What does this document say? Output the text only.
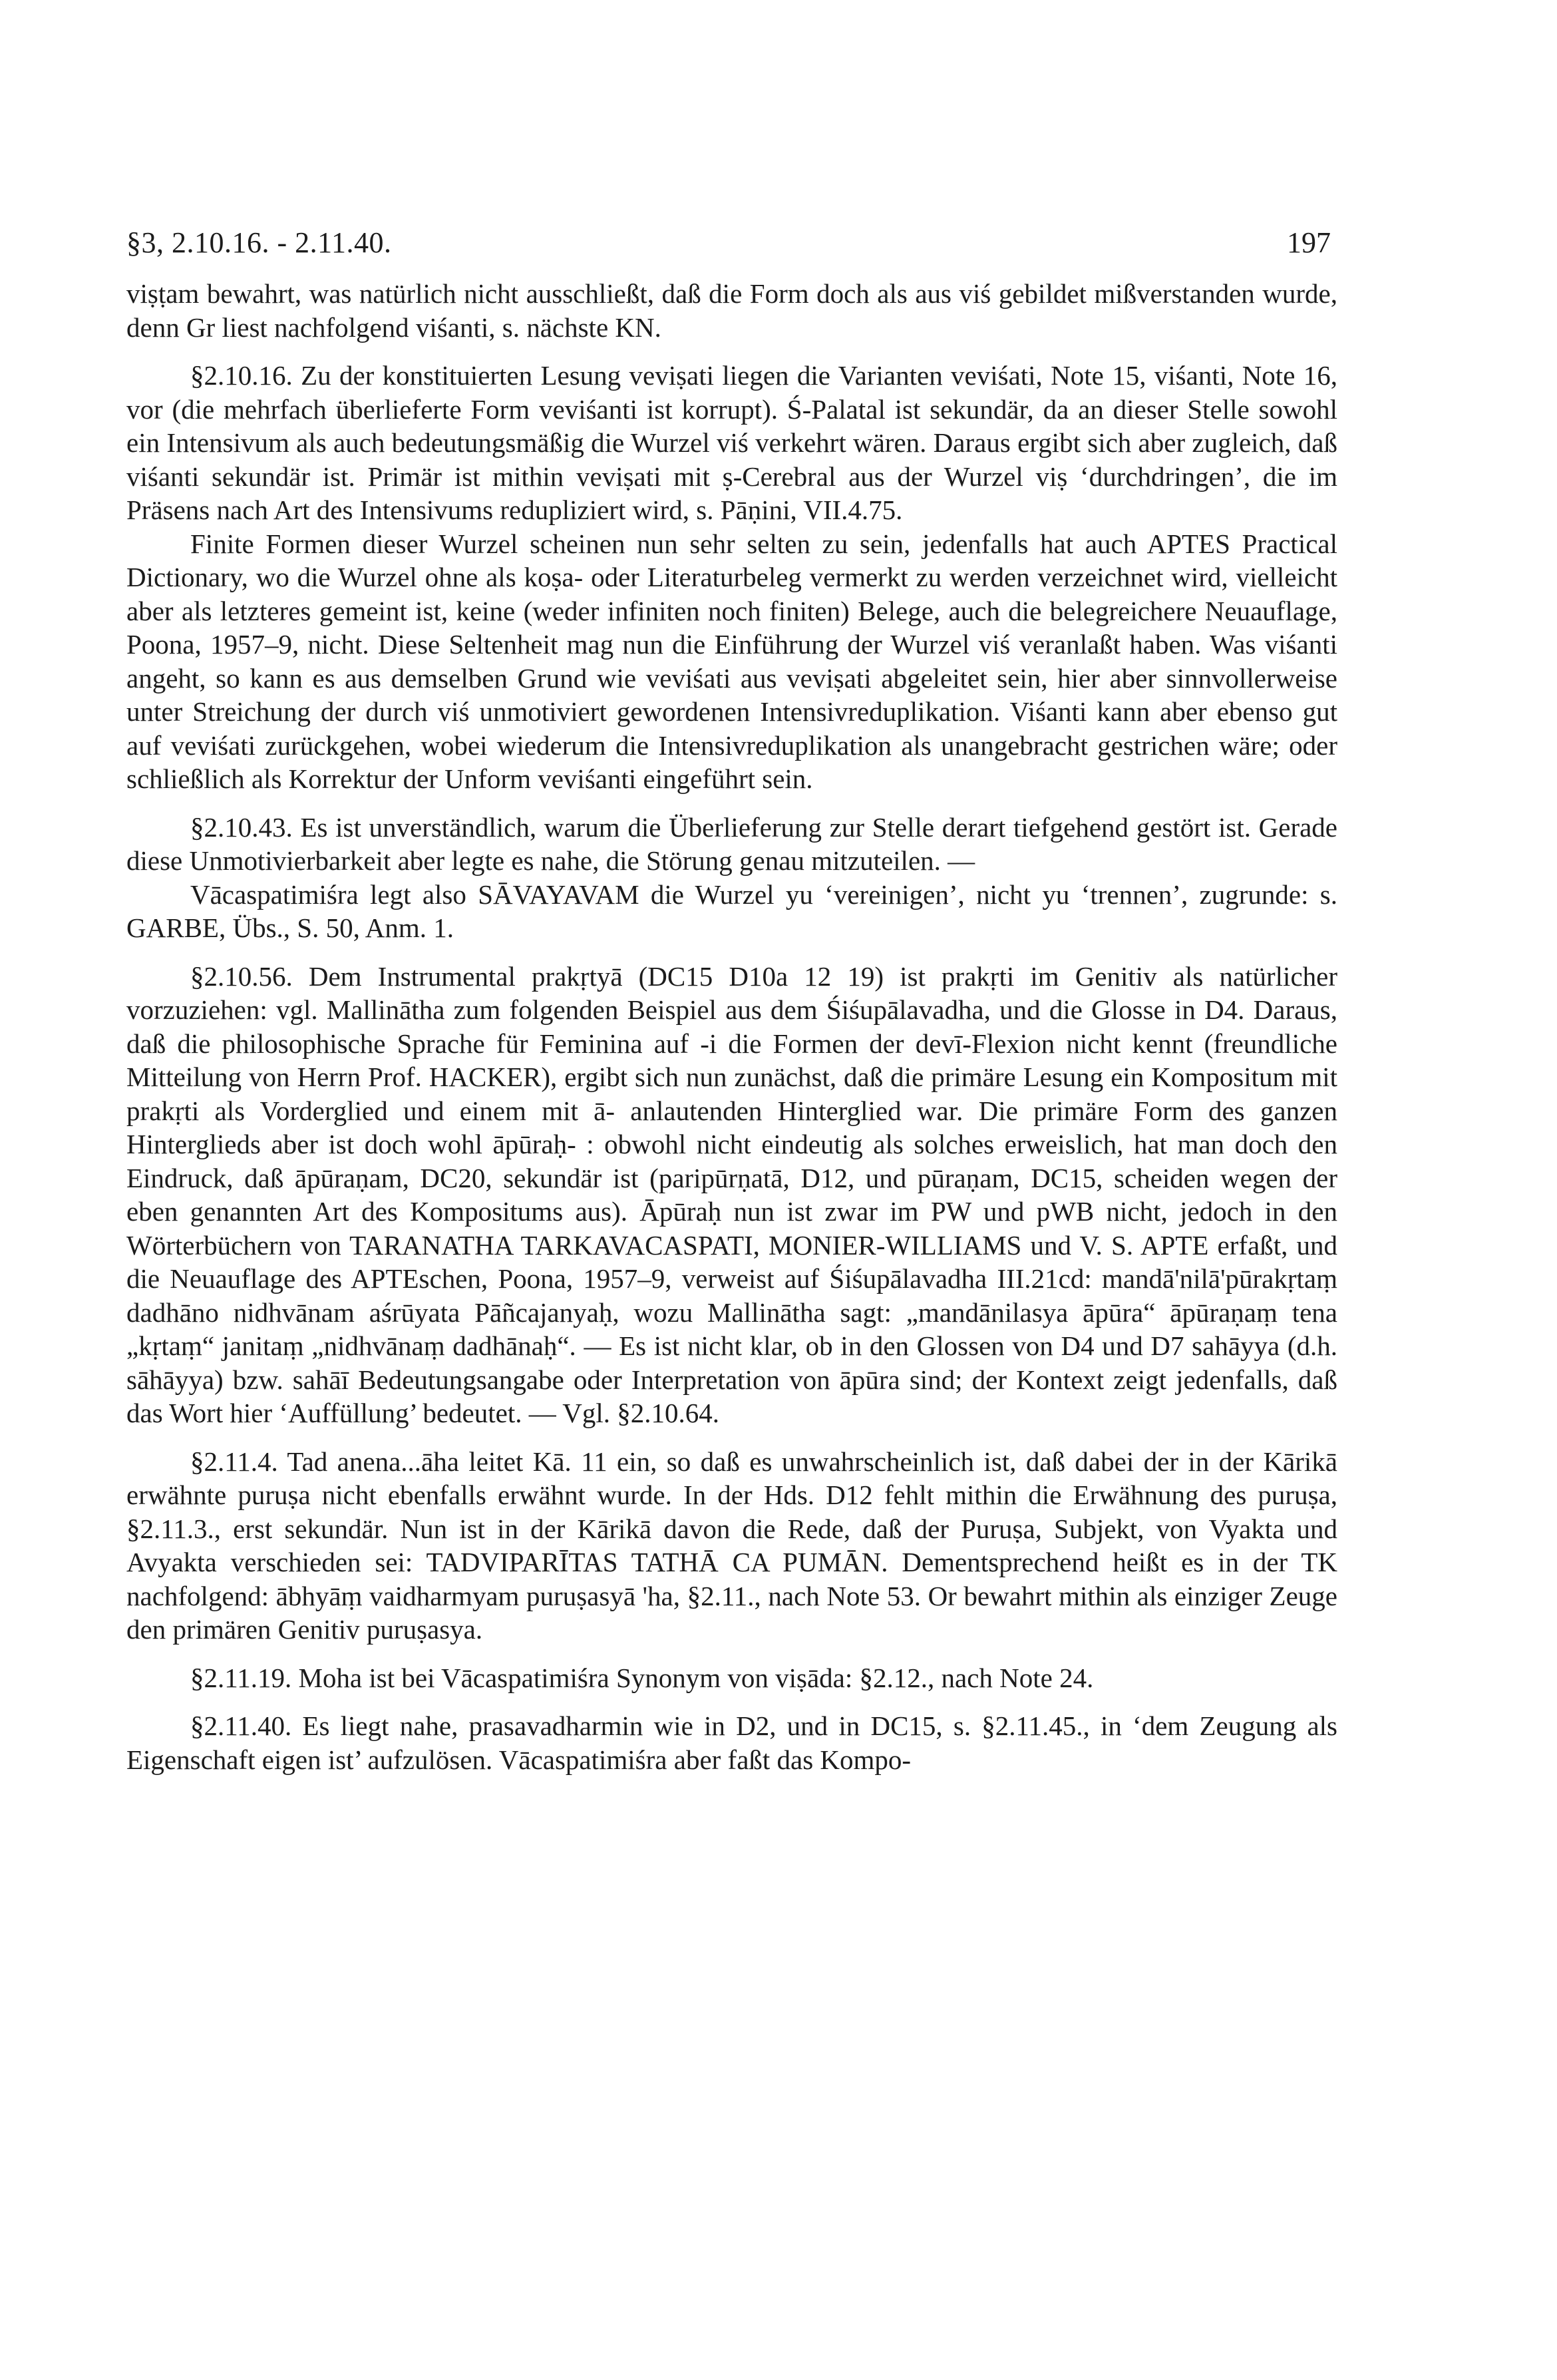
§3, 2.10.16. - 2.11.40.	197

viṣṭam bewahrt, was natürlich nicht ausschließt, daß die Form doch als aus viś gebildet mißverstanden wurde, denn Gr liest nachfolgend viśanti, s. nächste KN.

§2.10.16. Zu der konstituierten Lesung veviṣati liegen die Varianten veviśati, Note 15, viśanti, Note 16, vor (die mehrfach überlieferte Form veviśanti ist korrupt). Ś-Palatal ist sekundär, da an dieser Stelle sowohl ein Intensivum als auch bedeutungsmäßig die Wurzel viś verkehrt wären. Daraus ergibt sich aber zugleich, daß viśanti sekundär ist. Primär ist mithin veviṣati mit ṣ-Cerebral aus der Wurzel viṣ ‘durchdringen’, die im Präsens nach Art des Intensivums redupliziert wird, s. Pāṇini, VII.4.75.

Finite Formen dieser Wurzel scheinen nun sehr selten zu sein, jedenfalls hat auch APTES Practical Dictionary, wo die Wurzel ohne als koṣa- oder Literaturbeleg vermerkt zu werden verzeichnet wird, vielleicht aber als letzteres gemeint ist, keine (weder infiniten noch finiten) Belege, auch die belegreichere Neuauflage, Poona, 1957–9, nicht. Diese Seltenheit mag nun die Einführung der Wurzel viś veranlaßt haben. Was viśanti angeht, so kann es aus demselben Grund wie veviśati aus veviṣati abgeleitet sein, hier aber sinnvollerweise unter Streichung der durch viś unmotiviert gewordenen Intensivreduplikation. Viśanti kann aber ebenso gut auf veviśati zurückgehen, wobei wiederum die Intensivreduplikation als unangebracht gestrichen wäre; oder schließlich als Korrektur der Unform veviśanti eingeführt sein.

§2.10.43. Es ist unverständlich, warum die Überlieferung zur Stelle derart tiefgehend gestört ist. Gerade diese Unmotivierbarkeit aber legte es nahe, die Störung genau mitzuteilen. —

Vācaspatimiśra legt also SĀVAYAVAM die Wurzel yu ‘vereinigen’, nicht yu ‘trennen’, zugrunde: s. GARBE, Übs., S. 50, Anm. 1.

§2.10.56. Dem Instrumental prakṛtyā (DC15 D10a 12 19) ist prakṛti im Genitiv als natürlicher vorzuziehen: vgl. Mallinātha zum folgenden Beispiel aus dem Śiśupālavadha, und die Glosse in D4. Daraus, daß die philosophische Sprache für Feminina auf -i die Formen der devī-Flexion nicht kennt (freundliche Mitteilung von Herrn Prof. HACKER), ergibt sich nun zunächst, daß die primäre Lesung ein Kompositum mit prakṛti als Vorderglied und einem mit ā- anlautenden Hinterglied war. Die primäre Form des ganzen Hinterglieds aber ist doch wohl āpūraḥ- : obwohl nicht eindeutig als solches erweislich, hat man doch den Eindruck, daß āpūraṇam, DC20, sekundär ist (paripūrṇatā, D12, und pūraṇam, DC15, scheiden wegen der eben genannten Art des Kompositums aus). Āpūraḥ nun ist zwar im PW und pWB nicht, jedoch in den Wörterbüchern von TARANATHA TARKAVACASPATI, MONIER-WILLIAMS und V. S. APTE erfaßt, und die Neuauflage des APTEschen, Poona, 1957–9, verweist auf Śiśupālavadha III.21cd: mandā'nilā'pūrakṛtaṃ dadhāno nidhvānam aśrūyata Pāñcajanyaḥ, wozu Mallinātha sagt: „mandānilasya āpūra“ āpūraṇaṃ tena „kṛtaṃ“ janitaṃ „nidhvānaṃ dadhānaḥ“. — Es ist nicht klar, ob in den Glossen von D4 und D7 sahāyya (d.h. sāhāyya) bzw. sahāī Bedeutungsangabe oder Interpretation von āpūra sind; der Kontext zeigt jedenfalls, daß das Wort hier ‘Auffüllung’ bedeutet. — Vgl. §2.10.64.

§2.11.4. Tad anena...āha leitet Kā. 11 ein, so daß es unwahrscheinlich ist, daß dabei der in der Kārikā erwähnte puruṣa nicht ebenfalls erwähnt wurde. In der Hds. D12 fehlt mithin die Erwähnung des puruṣa, §2.11.3., erst sekundär. Nun ist in der Kārikā davon die Rede, daß der Puruṣa, Subjekt, von Vyakta und Avyakta verschieden sei: TADVIPARĪTAS TATHĀ CA PUMĀN. Dementsprechend heißt es in der TK nachfolgend: ābhyāṃ vaidharmyam puruṣasyā 'ha, §2.11., nach Note 53. Or bewahrt mithin als einziger Zeuge den primären Genitiv puruṣasya.

§2.11.19. Moha ist bei Vācaspatimiśra Synonym von viṣāda: §2.12., nach Note 24.

§2.11.40. Es liegt nahe, prasavadharmin wie in D2, und in DC15, s. §2.11.45., in ‘dem Zeugung als Eigenschaft eigen ist’ aufzulösen. Vācaspatimiśra aber faßt das Kompo-
